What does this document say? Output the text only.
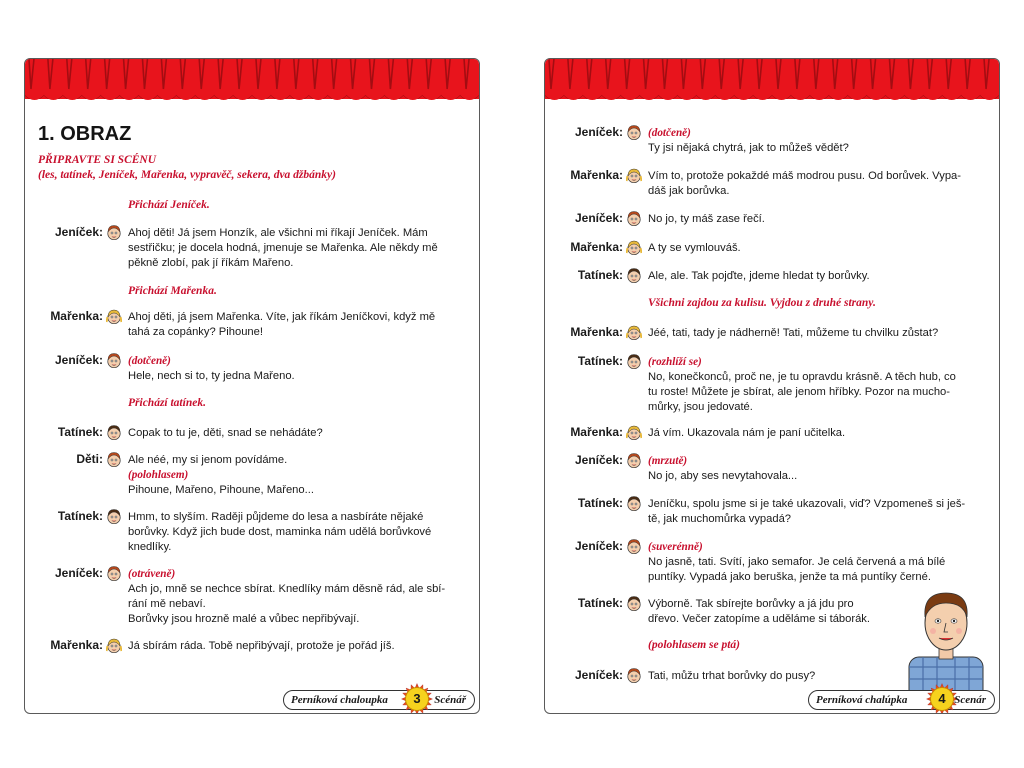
1. OBRAZ
PŘIPRAVTE SI SCÉNU
(les, tatínek, Jeníček, Mařenka, vypravěč, sekera, dva džbánky)
Jeníček: Ahoj děti! Já jsem Honzík, ale všichni mi říkají Jeníček. Mám
sestřičku; je docela hodná, jmenuje se Mařenka. Ale někdy mě
pěkně zlobí, pak jí říkám Mařeno.
Mařenka: Ahoj děti, já jsem Mařenka. Víte, jak říkám Jeníčkovi, když mě
tahá za copánky? Pihoune!
Jeníček: (dotčeně)
Hele, nech si to, ty jedna Mařeno.
Tatínek: Copak to tu je, děti, snad se nehádáte?
Děti: Ale néé, my si jenom povídáme.
(polohlasem)
Pihoune, Mařeno, Pihoune, Mařeno...
Tatínek: Hmm, to slyším. Raději půjdeme do lesa a nasbíráte nějaké
borůvky. Když jich bude dost, maminka nám udělá borůvkové
knedlíky.
Jeníček: (otráveně)
Ach jo, mně se nechce sbírat. Knedlíky mám děsně rád, ale sbí-
rání mě nebaví.
Borůvky jsou hrozně malé a vůbec nepřibývají.
Mařenka: Já sbírám ráda. Tobě nepřibývají, protože je pořád jíš.
Přichází Jeníček.
Přichází Mařenka.
Přichází tatínek.
Perníková chaloupka	3	Scénář
Jeníček: (dotčeně)
Ty jsi nějaká chytrá, jak to můžeš vědět?
Mařenka: Vím to, protože pokaždé máš modrou pusu. Od borůvek. Vypa-
dáš jak borůvka.
Jeníček: No jo, ty máš zase řečí.
Mařenka: A ty se vymlouváš.
Tatínek: Ale, ale. Tak pojďte, jdeme hledat ty borůvky.
Mařenka: Jéé, tati, tady je nádherně! Tati, můžeme tu chvilku zůstat?
Tatínek: (rozhlíží se)
No, konečkonců, proč ne, je tu opravdu krásně. A těch hub, co
tu roste! Můžete je sbírat, ale jenom hříbky. Pozor na mucho-
můrky, jsou jedovaté.
Mařenka: Já vím. Ukazovala nám je paní učitelka.
Jeníček: (mrzutě)
No jo, aby ses nevytahovala...
Tatínek: Jeníčku, spolu jsme si je také ukazovali, viď? Vzpomeneš si ješ-
tě, jak muchomůrka vypadá?
Jeníček: (suverénně)
No jasně, tati. Svítí, jako semafor. Je celá červená a má bílé
puntíky. Vypadá jako beruška, jenže ta má puntíky černé.
Tatínek: Výborně. Tak sbírejte borůvky a já jdu pro
dřevo. Večer zatopíme a uděláme si táborák.
Jeníček: Tati, můžu trhat borůvky do pusy?
Všichni zajdou za kulisu. Vyjdou z druhé strany.
(polohlasem se ptá)
Perníková chalúpka	4 Scenár
